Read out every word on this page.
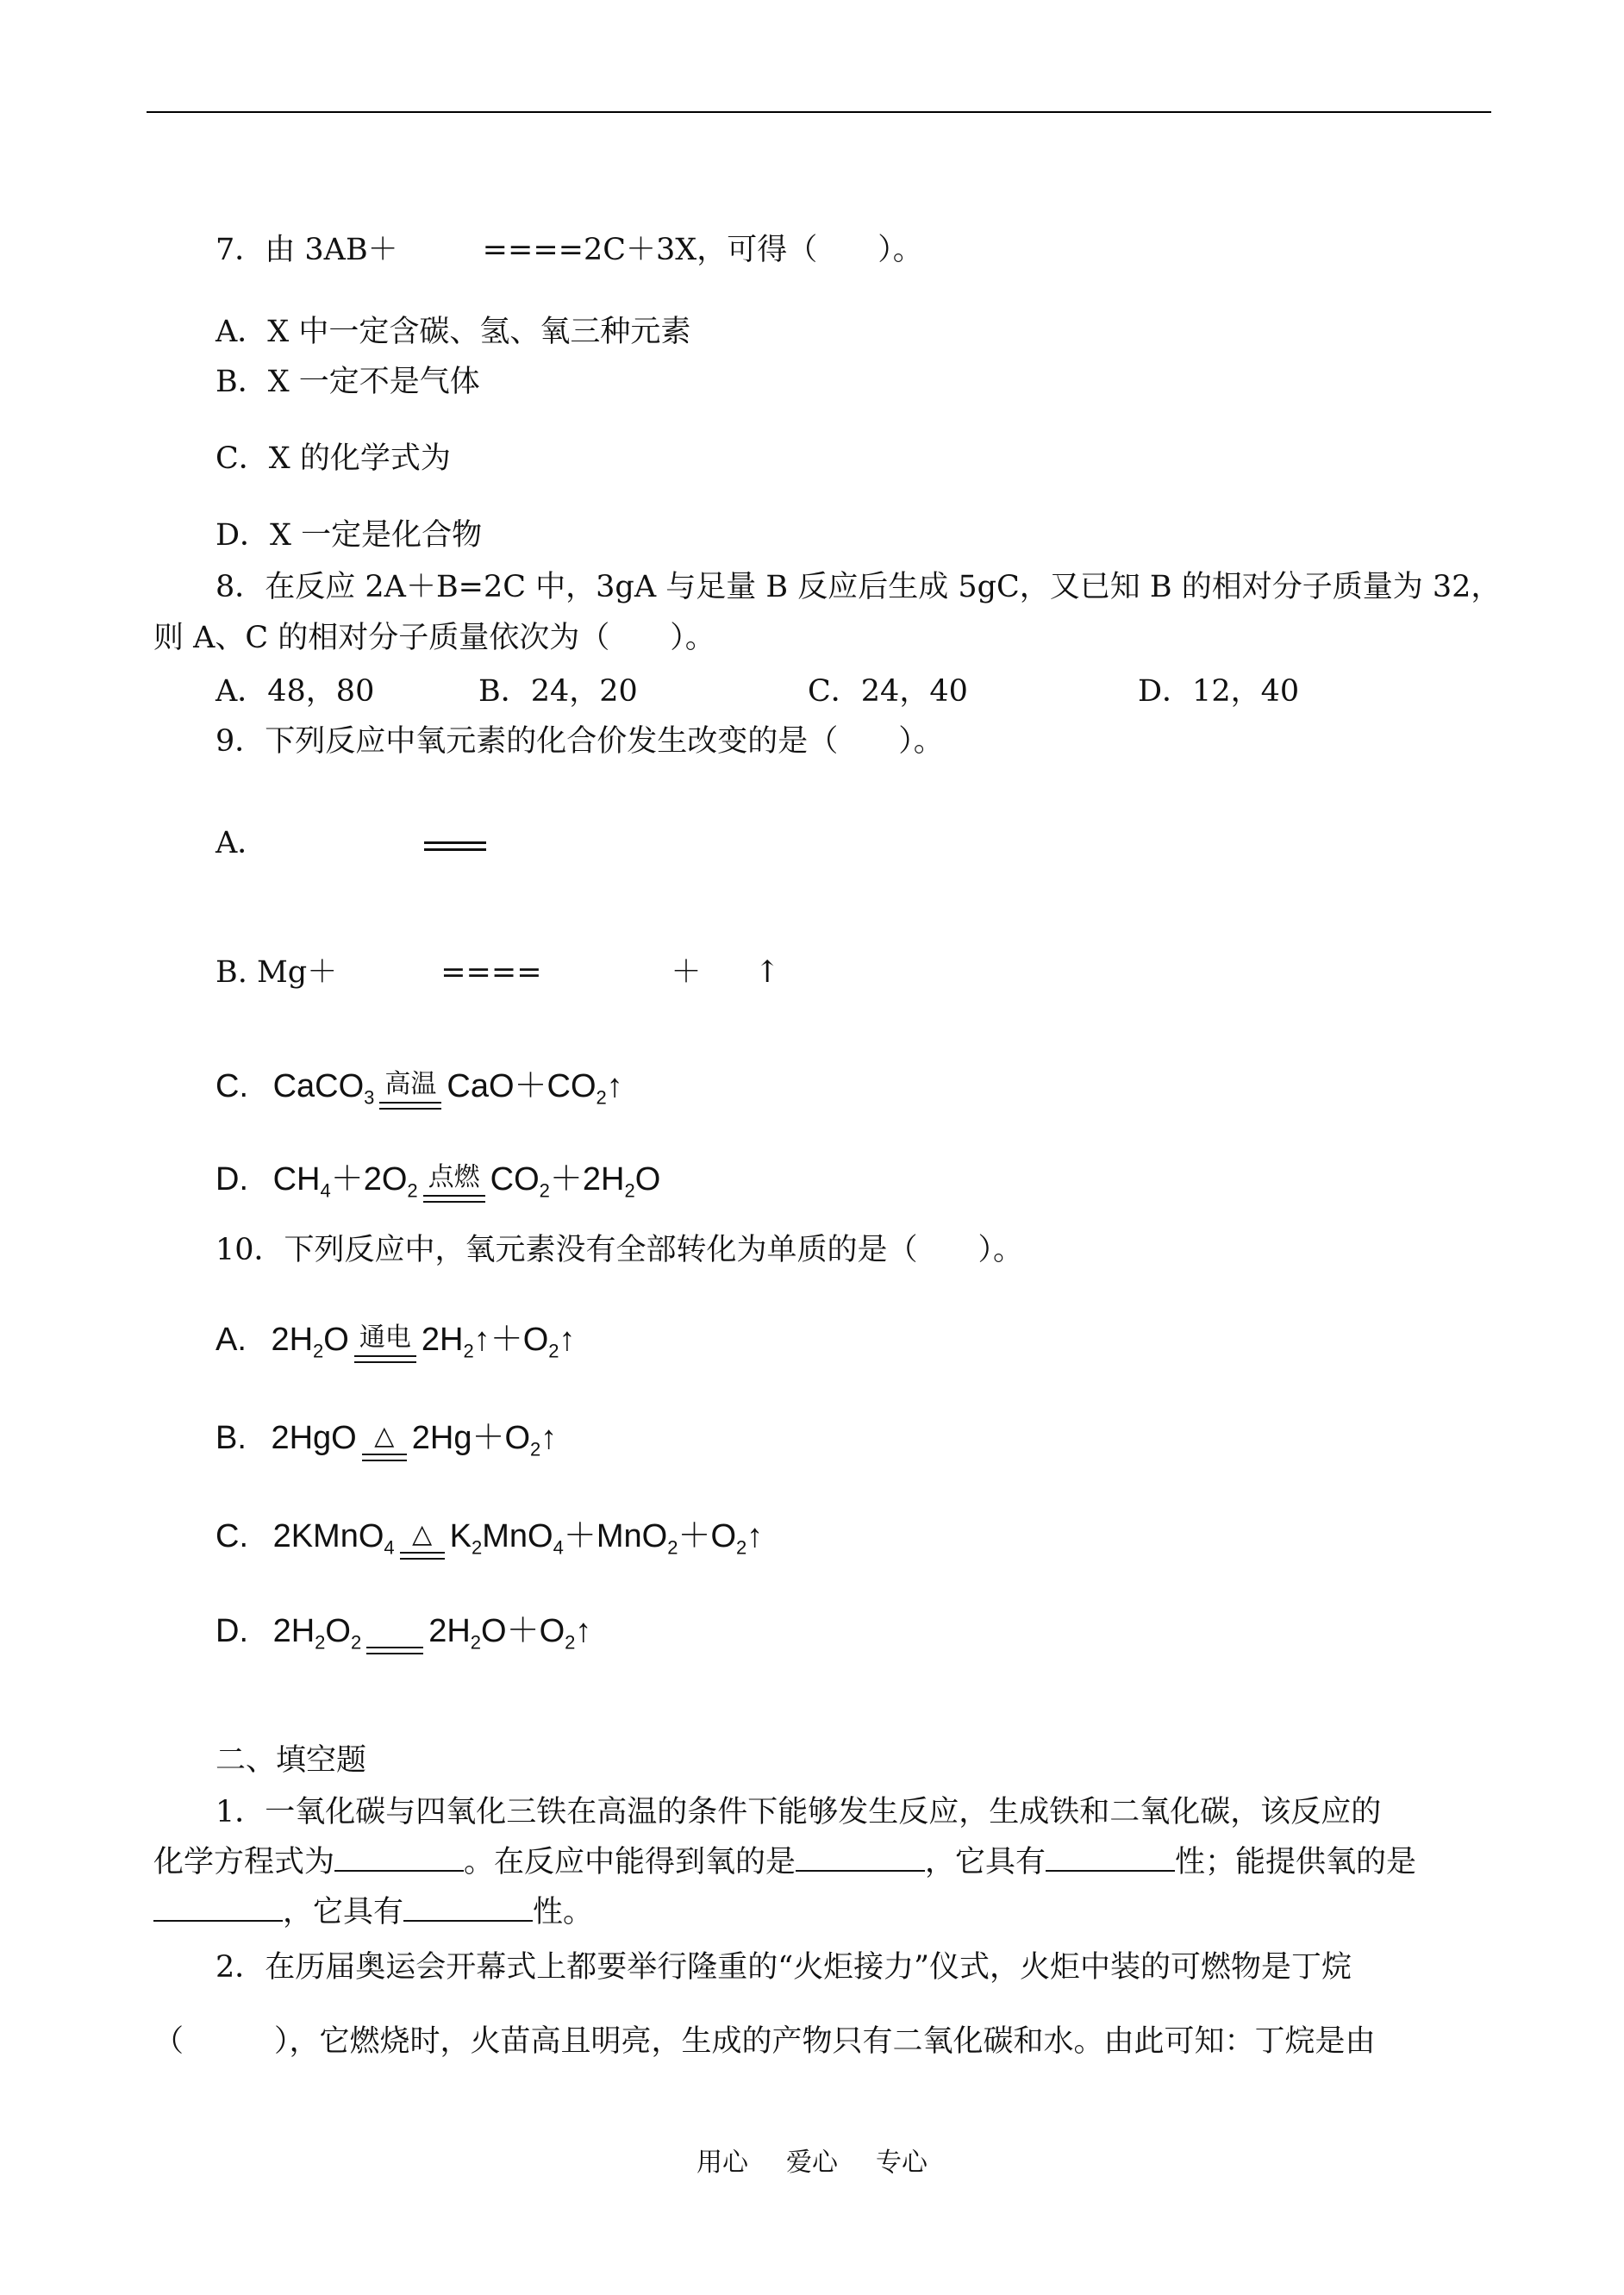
7．由 3AB＋	====2C＋3X，可得（　　）。
A．X 中一定含碳、氢、氧三种元素
B．X 一定不是气体
C．X 的化学式为
D．X 一定是化合物
8．在反应 2A＋B=2C 中，3gA 与足量 B 反应后生成 5gC，又已知 B 的相对分子质量为 32，
则 A、C 的相对分子质量依次为（　　）。
A．48，80	B．24，20	C．24，40	D．12，40
9．下列反应中氧元素的化合价发生改变的是（　　）。
A．
B. Mg＋	====	＋ ↑
C. CaCO$_3$ 高温 $CaO+CO_2↑$
D. $CH_4+2O_2$ 点燃 $CO_2+2H_2O$
10．下列反应中，氧元素没有全部转化为单质的是（　　）。
A. $2H_2O$ 通电 $2H_2↑+O_2↑$
B. 2HgO △ $2Hg+O_2↑$
C. 2KMnO$_4$ △ $K_2MnO_4+MnO_2+O_2↑$
D. $2H_2O_2$ $2H_2O+O_2↑$
二、填空题
1．一氧化碳与四氧化三铁在高温的条件下能够发生反应，生成铁和二氧化碳，该反应的
化学方程式为	。在反应中能得到氧的是	，它具有	性；能提供氧的是
，它具有	性。
2．在历届奥运会开幕式上都要举行隆重的“火炬接力”仪式，火炬中装的可燃物是丁烷
（　　　），它燃烧时，火苗高且明亮，生成的产物只有二氧化碳和水。由此可知：丁烷是由
用心 爱心 专心
